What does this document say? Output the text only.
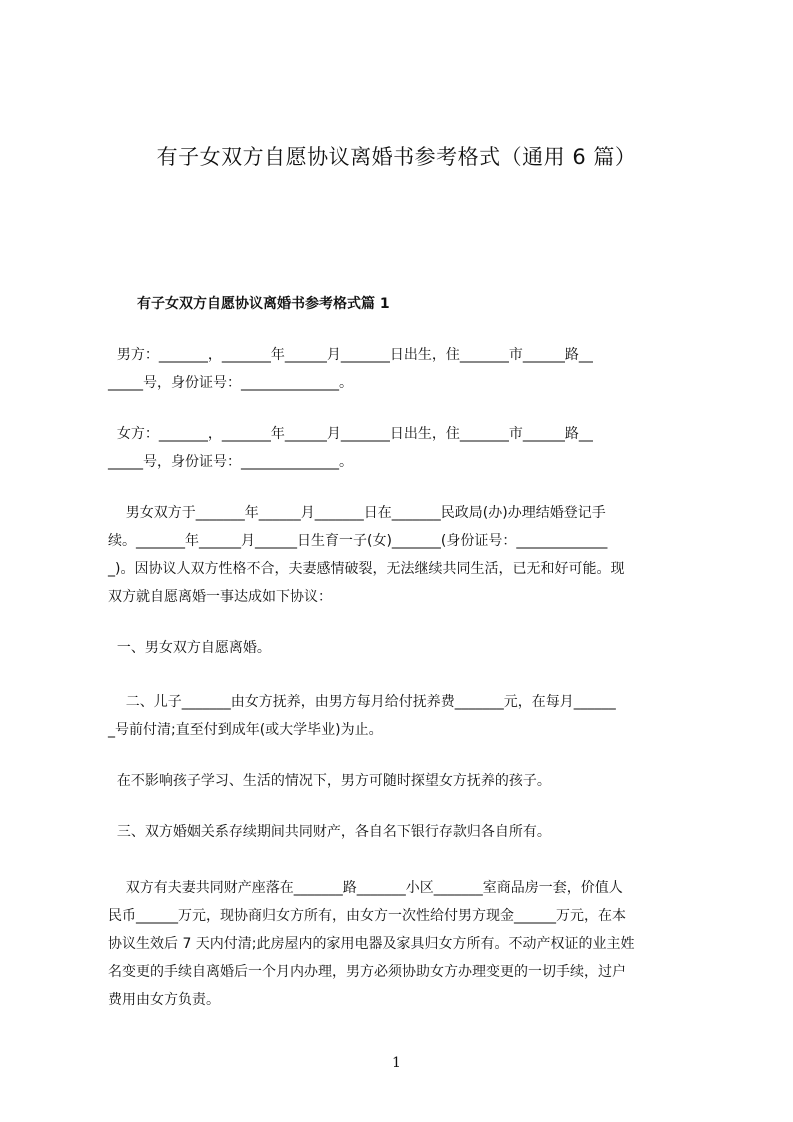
有子女双方自愿协议离婚书参考格式（通用 6 篇）
有子女双方自愿协议离婚书参考格式篇 1
男方：_______，_______年______月_______日出生，住_______市______路__
_____号，身份证号：______________。
女方：_______，_______年______月_______日出生，住_______市______路__
_____号，身份证号：______________。
男女双方于_______年______月_______日在_______民政局(办)办理结婚登记手
续。_______年______月______日生育一子(女)_______(身份证号：_____________
_)。因协议人双方性格不合，夫妻感情破裂，无法继续共同生活，已无和好可能。现
双方就自愿离婚一事达成如下协议：
一、男女双方自愿离婚。
二、儿子_______由女方抚养，由男方每月给付抚养费_______元，在每月______
_号前付清;直至付到成年(或大学毕业)为止。
在不影响孩子学习、生活的情况下，男方可随时探望女方抚养的孩子。
三、双方婚姻关系存续期间共同财产，各自名下银行存款归各自所有。
双方有夫妻共同财产座落在_______路_______小区_______室商品房一套，价值人
民币______万元，现协商归女方所有，由女方一次性给付男方现金______万元，在本
协议生效后 7 天内付清;此房屋内的家用电器及家具归女方所有。不动产权证的业主姓
名变更的手续自离婚后一个月内办理，男方必须协助女方办理变更的一切手续，过户
费用由女方负责。
1
